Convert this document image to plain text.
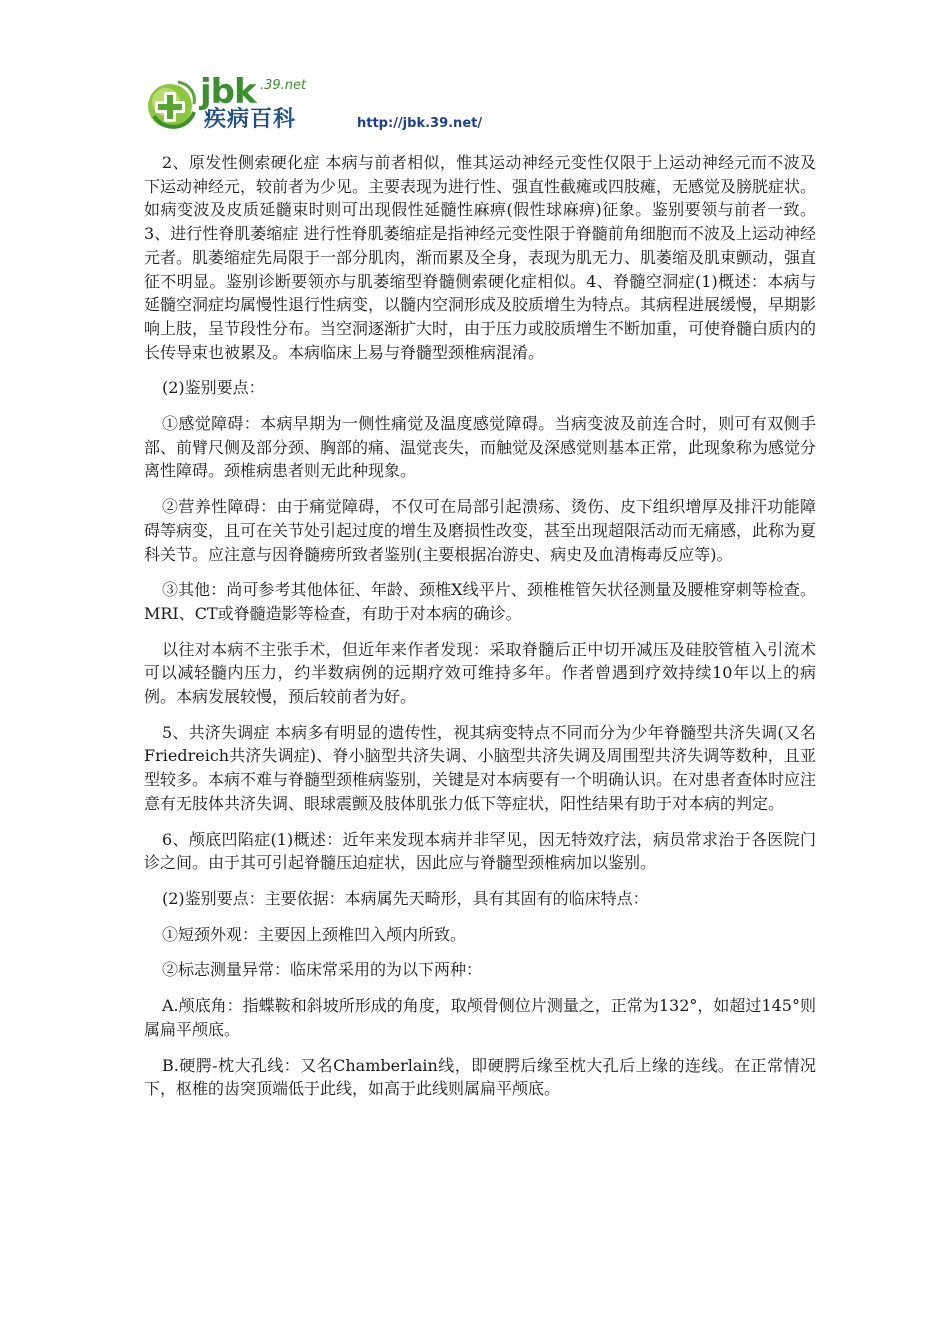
jbk .39.net
疾病百科	http://jbk.39.net/

2、原发性侧索硬化症 本病与前者相似，惟其运动神经元变性仅限于上运动神经元而不波及下运动神经元，较前者为少见。主要表现为进行性、强直性截瘫或四肢瘫，无感觉及膀胱症状。如病变波及皮质延髓束时则可出现假性延髓性麻痹(假性球麻痹)征象。鉴别要领与前者一致。3、进行性脊肌萎缩症 进行性脊肌萎缩症是指神经元变性限于脊髓前角细胞而不波及上运动神经元者。肌萎缩症先局限于一部分肌肉，渐而累及全身，表现为肌无力、肌萎缩及肌束颤动，强直征不明显。鉴别诊断要领亦与肌萎缩型脊髓侧索硬化症相似。4、脊髓空洞症(1)概述：本病与延髓空洞症均属慢性退行性病变，以髓内空洞形成及胶质增生为特点。其病程进展缓慢，早期影响上肢，呈节段性分布。当空洞逐渐扩大时，由于压力或胶质增生不断加重，可使脊髓白质内的长传导束也被累及。本病临床上易与脊髓型颈椎病混淆。

(2)鉴别要点：

①感觉障碍：本病早期为一侧性痛觉及温度感觉障碍。当病变波及前连合时，则可有双侧手部、前臂尺侧及部分颈、胸部的痛、温觉丧失，而触觉及深感觉则基本正常，此现象称为感觉分离性障碍。颈椎病患者则无此种现象。

②营养性障碍：由于痛觉障碍，不仅可在局部引起溃疡、烫伤、皮下组织增厚及排汗功能障碍等病变，且可在关节处引起过度的增生及磨损性改变，甚至出现超限活动而无痛感，此称为夏科关节。应注意与因脊髓痨所致者鉴别(主要根据冶游史、病史及血清梅毒反应等)。

③其他：尚可参考其他体征、年龄、颈椎X线平片、颈椎椎管矢状径测量及腰椎穿刺等检查。MRI、CT或脊髓造影等检查，有助于对本病的确诊。

以往对本病不主张手术，但近年来作者发现：采取脊髓后正中切开减压及硅胶管植入引流术可以减轻髓内压力，约半数病例的远期疗效可维持多年。作者曾遇到疗效持续10年以上的病例。本病发展较慢，预后较前者为好。

5、共济失调症 本病多有明显的遗传性，视其病变特点不同而分为少年脊髓型共济失调(又名Friedreich共济失调症)、脊小脑型共济失调、小脑型共济失调及周围型共济失调等数种，且亚型较多。本病不难与脊髓型颈椎病鉴别，关键是对本病要有一个明确认识。在对患者查体时应注意有无肢体共济失调、眼球震颤及肢体肌张力低下等症状，阳性结果有助于对本病的判定。

6、颅底凹陷症(1)概述：近年来发现本病并非罕见，因无特效疗法，病员常求治于各医院门诊之间。由于其可引起脊髓压迫症状，因此应与脊髓型颈椎病加以鉴别。

(2)鉴别要点：主要依据：本病属先天畸形，具有其固有的临床特点：

①短颈外观：主要因上颈椎凹入颅内所致。

②标志测量异常：临床常采用的为以下两种：

A.颅底角：指蝶鞍和斜坡所形成的角度，取颅骨侧位片测量之，正常为132°，如超过145°则属扁平颅底。

B.硬腭-枕大孔线：又名Chamberlain线，即硬腭后缘至枕大孔后上缘的连线。在正常情况下，枢椎的齿突顶端低于此线，如高于此线则属扁平颅底。
